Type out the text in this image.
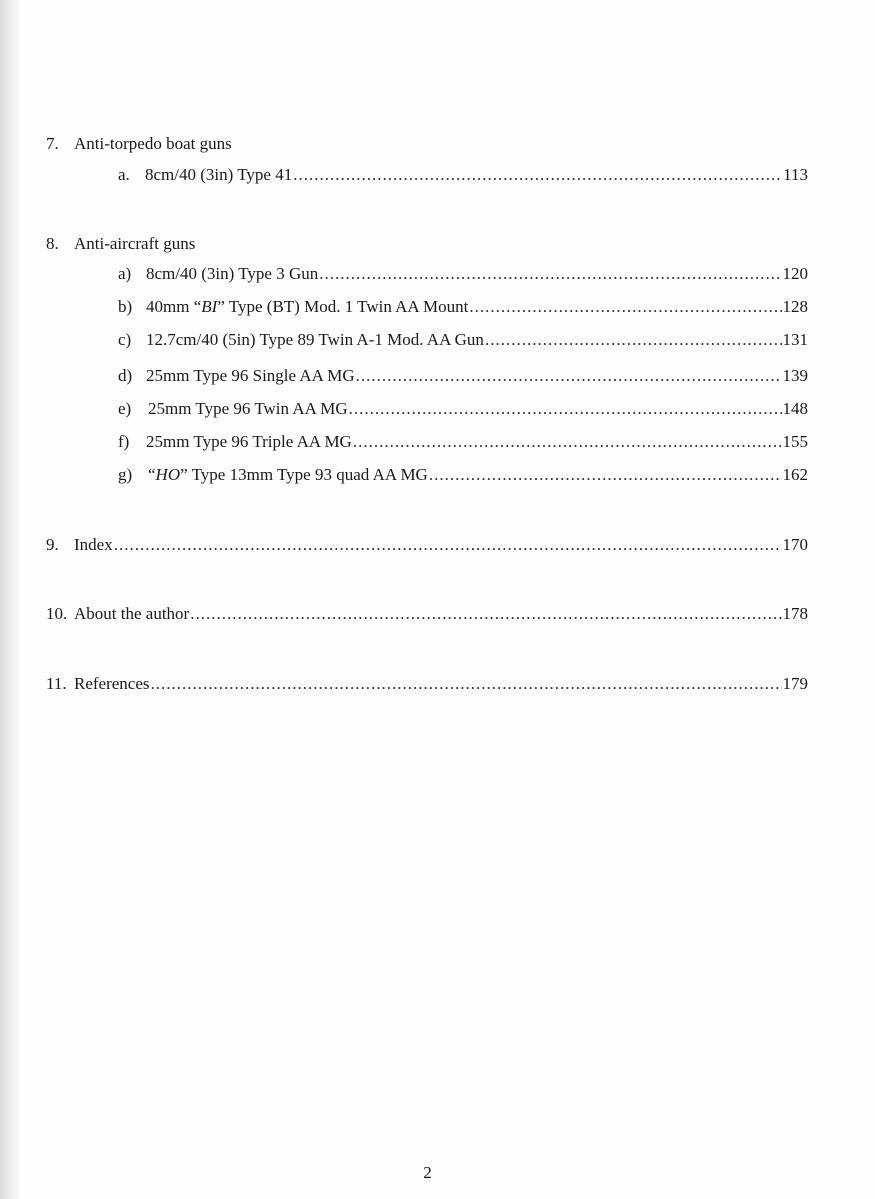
7. Anti-torpedo boat guns
a. 8cm/40 (3in) Type 41 .....	113
8. Anti-aircraft guns
a) 8cm/40 (3in) Type 3 Gun .....	120
b) 40mm “BI” Type (BT) Mod. 1 Twin AA Mount .....	128
c) 12.7cm/40 (5in) Type 89 Twin A-1 Mod. AA Gun .....	131
d) 25mm Type 96 Single AA MG .....	139
e) 25mm Type 96 Twin AA MG .....	148
f) 25mm Type 96 Triple AA MG .....	155
g) “HO” Type 13mm Type 93 quad AA MG .....	162
9. Index .....	170
10. About the author .....	178
11. References .....	179
2
